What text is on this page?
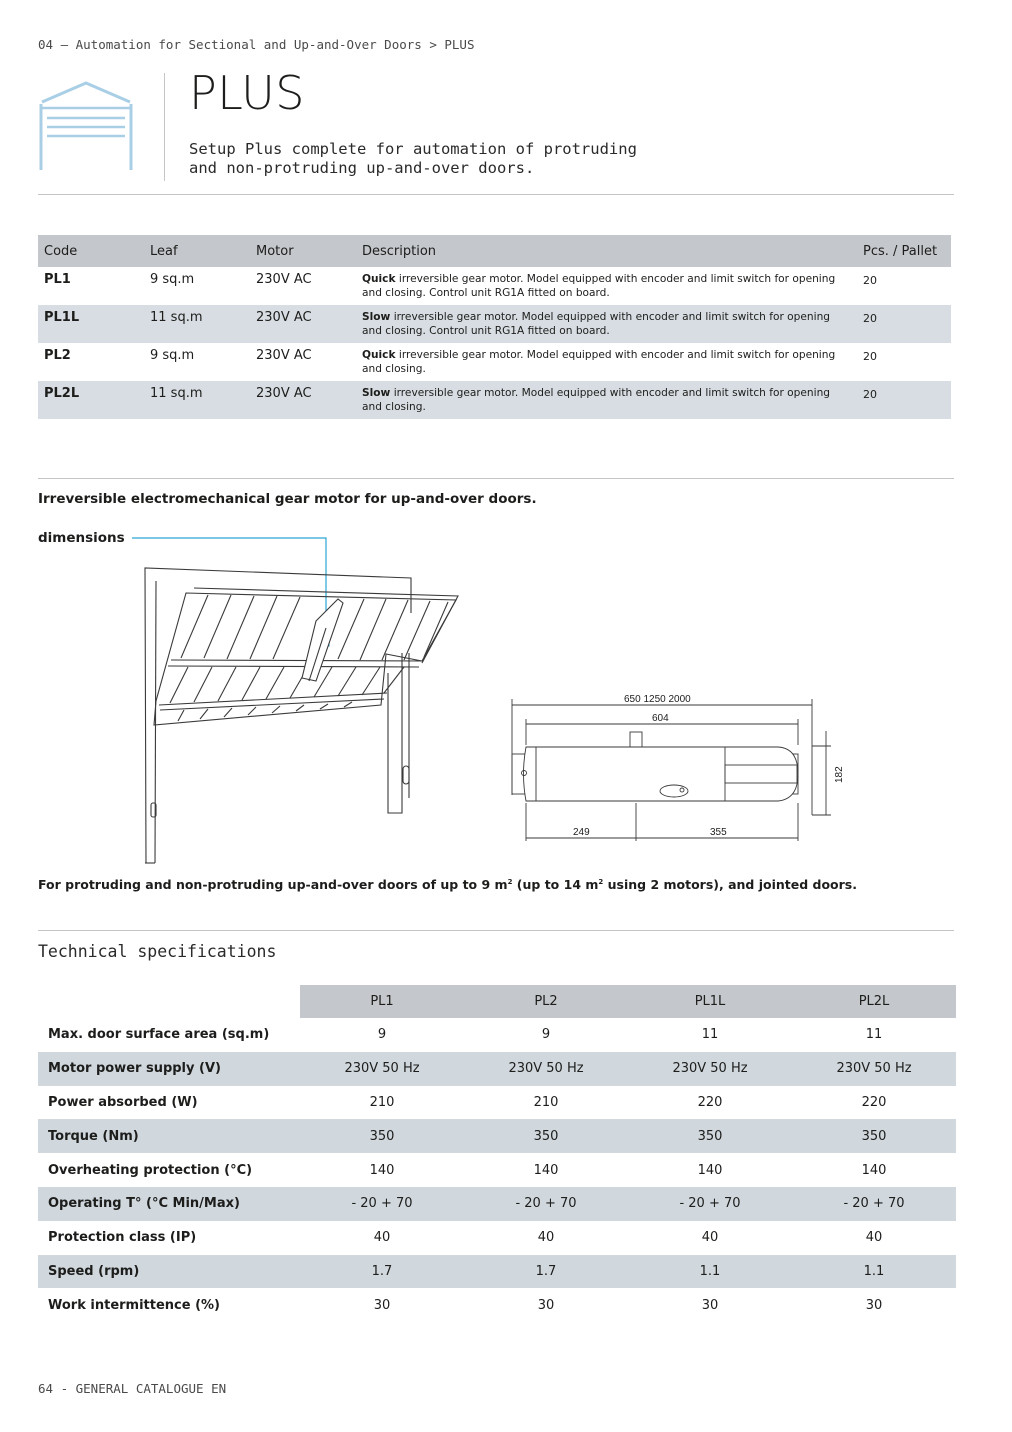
04 — Automation for Sectional and Up-and-Over Doors > PLUS
PLUS
Setup Plus complete for automation of protruding
and non-protruding up-and-over doors.
Code	Leaf	Motor	Description	Pcs. / Pallet
PL1	9 sq.m	230V AC	Quick irreversible gear motor. Model equipped with encoder and limit switch for opening and closing. Control unit RG1A fitted on board.	20
PL1L	11 sq.m	230V AC	Slow irreversible gear motor. Model equipped with encoder and limit switch for opening and closing. Control unit RG1A fitted on board.	20
PL2	9 sq.m	230V AC	Quick irreversible gear motor. Model equipped with encoder and limit switch for opening and closing.	20
PL2L	11 sq.m	230V AC	Slow irreversible gear motor. Model equipped with encoder and limit switch for opening and closing.	20
Irreversible electromechanical gear motor for up-and-over doors.
dimensions
650 1250 2000
604
182
249	355
For protruding and non-protruding up-and-over doors of up to 9 $m^2$ (up to 14 $m^2$ using 2 motors), and jointed doors.
Technical specifications
	PL1	PL2	PL1L	PL2L
Max. door surface area (sq.m)	9	9	11	11
Motor power supply (V)	230V 50 Hz	230V 50 Hz	230V 50 Hz	230V 50 Hz
Power absorbed (W)	210	210	220	220
Torque (Nm)	350	350	350	350
Overheating protection (°C)	140	140	140	140
Operating T° (°C Min/Max)	- 20 + 70	- 20 + 70	- 20 + 70	- 20 + 70
Protection class (IP)	40	40	40	40
Speed (rpm)	1.7	1.7	1.1	1.1
Work intermittence (%)	30	30	30	30
64 - GENERAL CATALOGUE EN
